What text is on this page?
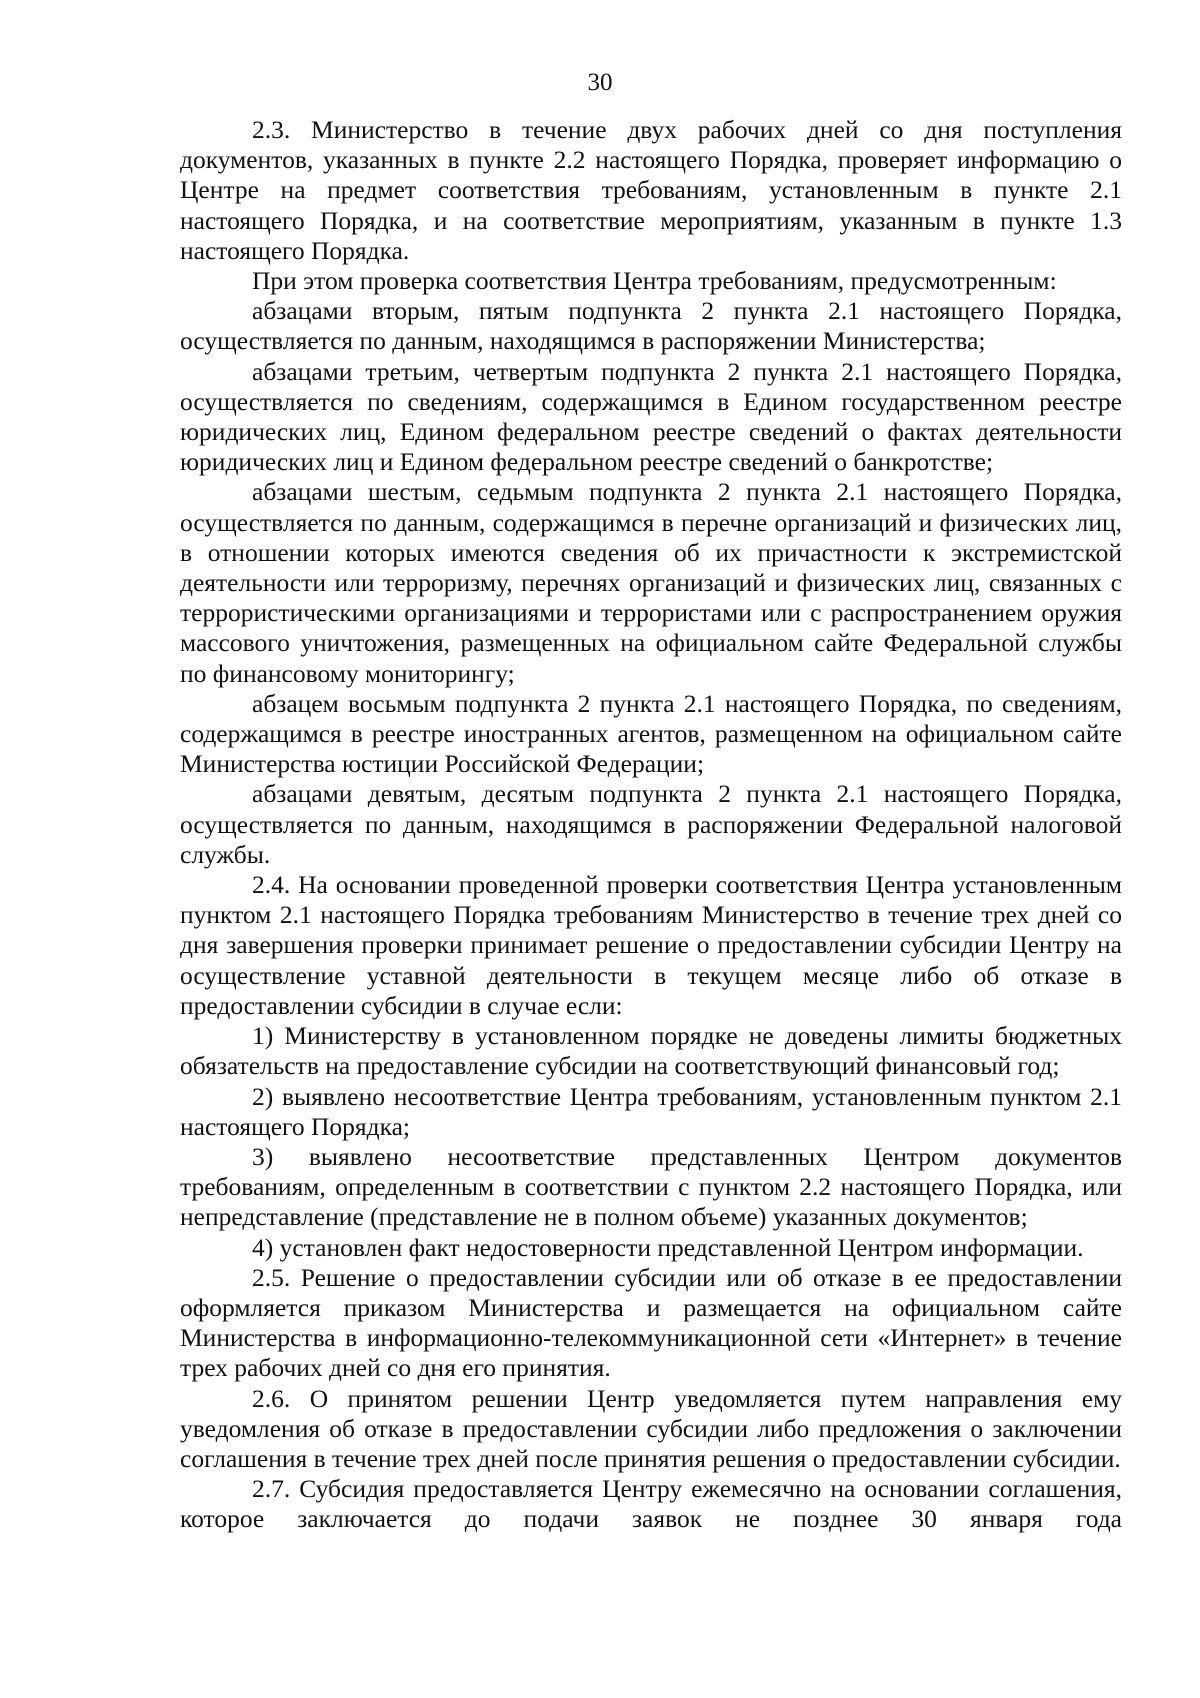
30

2.3. Министерство в течение двух рабочих дней со дня поступления документов, указанных в пункте 2.2 настоящего Порядка, проверяет информацию о Центре на предмет соответствия требованиям, установленным в пункте 2.1 настоящего Порядка, и на соответствие мероприятиям, указанным в пункте 1.3 настоящего Порядка.

При этом проверка соответствия Центра требованиям, предусмотренным:

абзацами вторым, пятым подпункта 2 пункта 2.1 настоящего Порядка, осуществляется по данным, находящимся в распоряжении Министерства;

абзацами третьим, четвертым подпункта 2 пункта 2.1 настоящего Порядка, осуществляется по сведениям, содержащимся в Едином государственном реестре юридических лиц, Едином федеральном реестре сведений о фактах деятельности юридических лиц и Едином федеральном реестре сведений о банкротстве;

абзацами шестым, седьмым подпункта 2 пункта 2.1 настоящего Порядка, осуществляется по данным, содержащимся в перечне организаций и физических лиц, в отношении которых имеются сведения об их причастности к экстремистской деятельности или терроризму, перечнях организаций и физических лиц, связанных с террористическими организациями и террористами или с распространением оружия массового уничтожения, размещенных на официальном сайте Федеральной службы по финансовому мониторингу;

абзацем восьмым подпункта 2 пункта 2.1 настоящего Порядка, по сведениям, содержащимся в реестре иностранных агентов, размещенном на официальном сайте Министерства юстиции Российской Федерации;

абзацами девятым, десятым подпункта 2 пункта 2.1 настоящего Порядка, осуществляется по данным, находящимся в распоряжении Федеральной налоговой службы.

2.4. На основании проведенной проверки соответствия Центра установленным пунктом 2.1 настоящего Порядка требованиям Министерство в течение трех дней со дня завершения проверки принимает решение о предоставлении субсидии Центру на осуществление уставной деятельности в текущем месяце либо об отказе в предоставлении субсидии в случае если:

1) Министерству в установленном порядке не доведены лимиты бюджетных обязательств на предоставление субсидии на соответствующий финансовый год;

2) выявлено несоответствие Центра требованиям, установленным пунктом 2.1 настоящего Порядка;

3) выявлено несоответствие представленных Центром документов требованиям, определенным в соответствии с пунктом 2.2 настоящего Порядка, или непредставление (представление не в полном объеме) указанных документов;

4) установлен факт недостоверности представленной Центром информации.

2.5. Решение о предоставлении субсидии или об отказе в ее предоставлении оформляется приказом Министерства и размещается на официальном сайте Министерства в информационно-телекоммуникационной сети «Интернет» в течение трех рабочих дней со дня его принятия.

2.6. О принятом решении Центр уведомляется путем направления ему уведомления об отказе в предоставлении субсидии либо предложения о заключении соглашения в течение трех дней после принятия решения о предоставлении субсидии.

2.7. Субсидия предоставляется Центру ежемесячно на основании соглашения, которое заключается до подачи заявок не позднее 30 января года
